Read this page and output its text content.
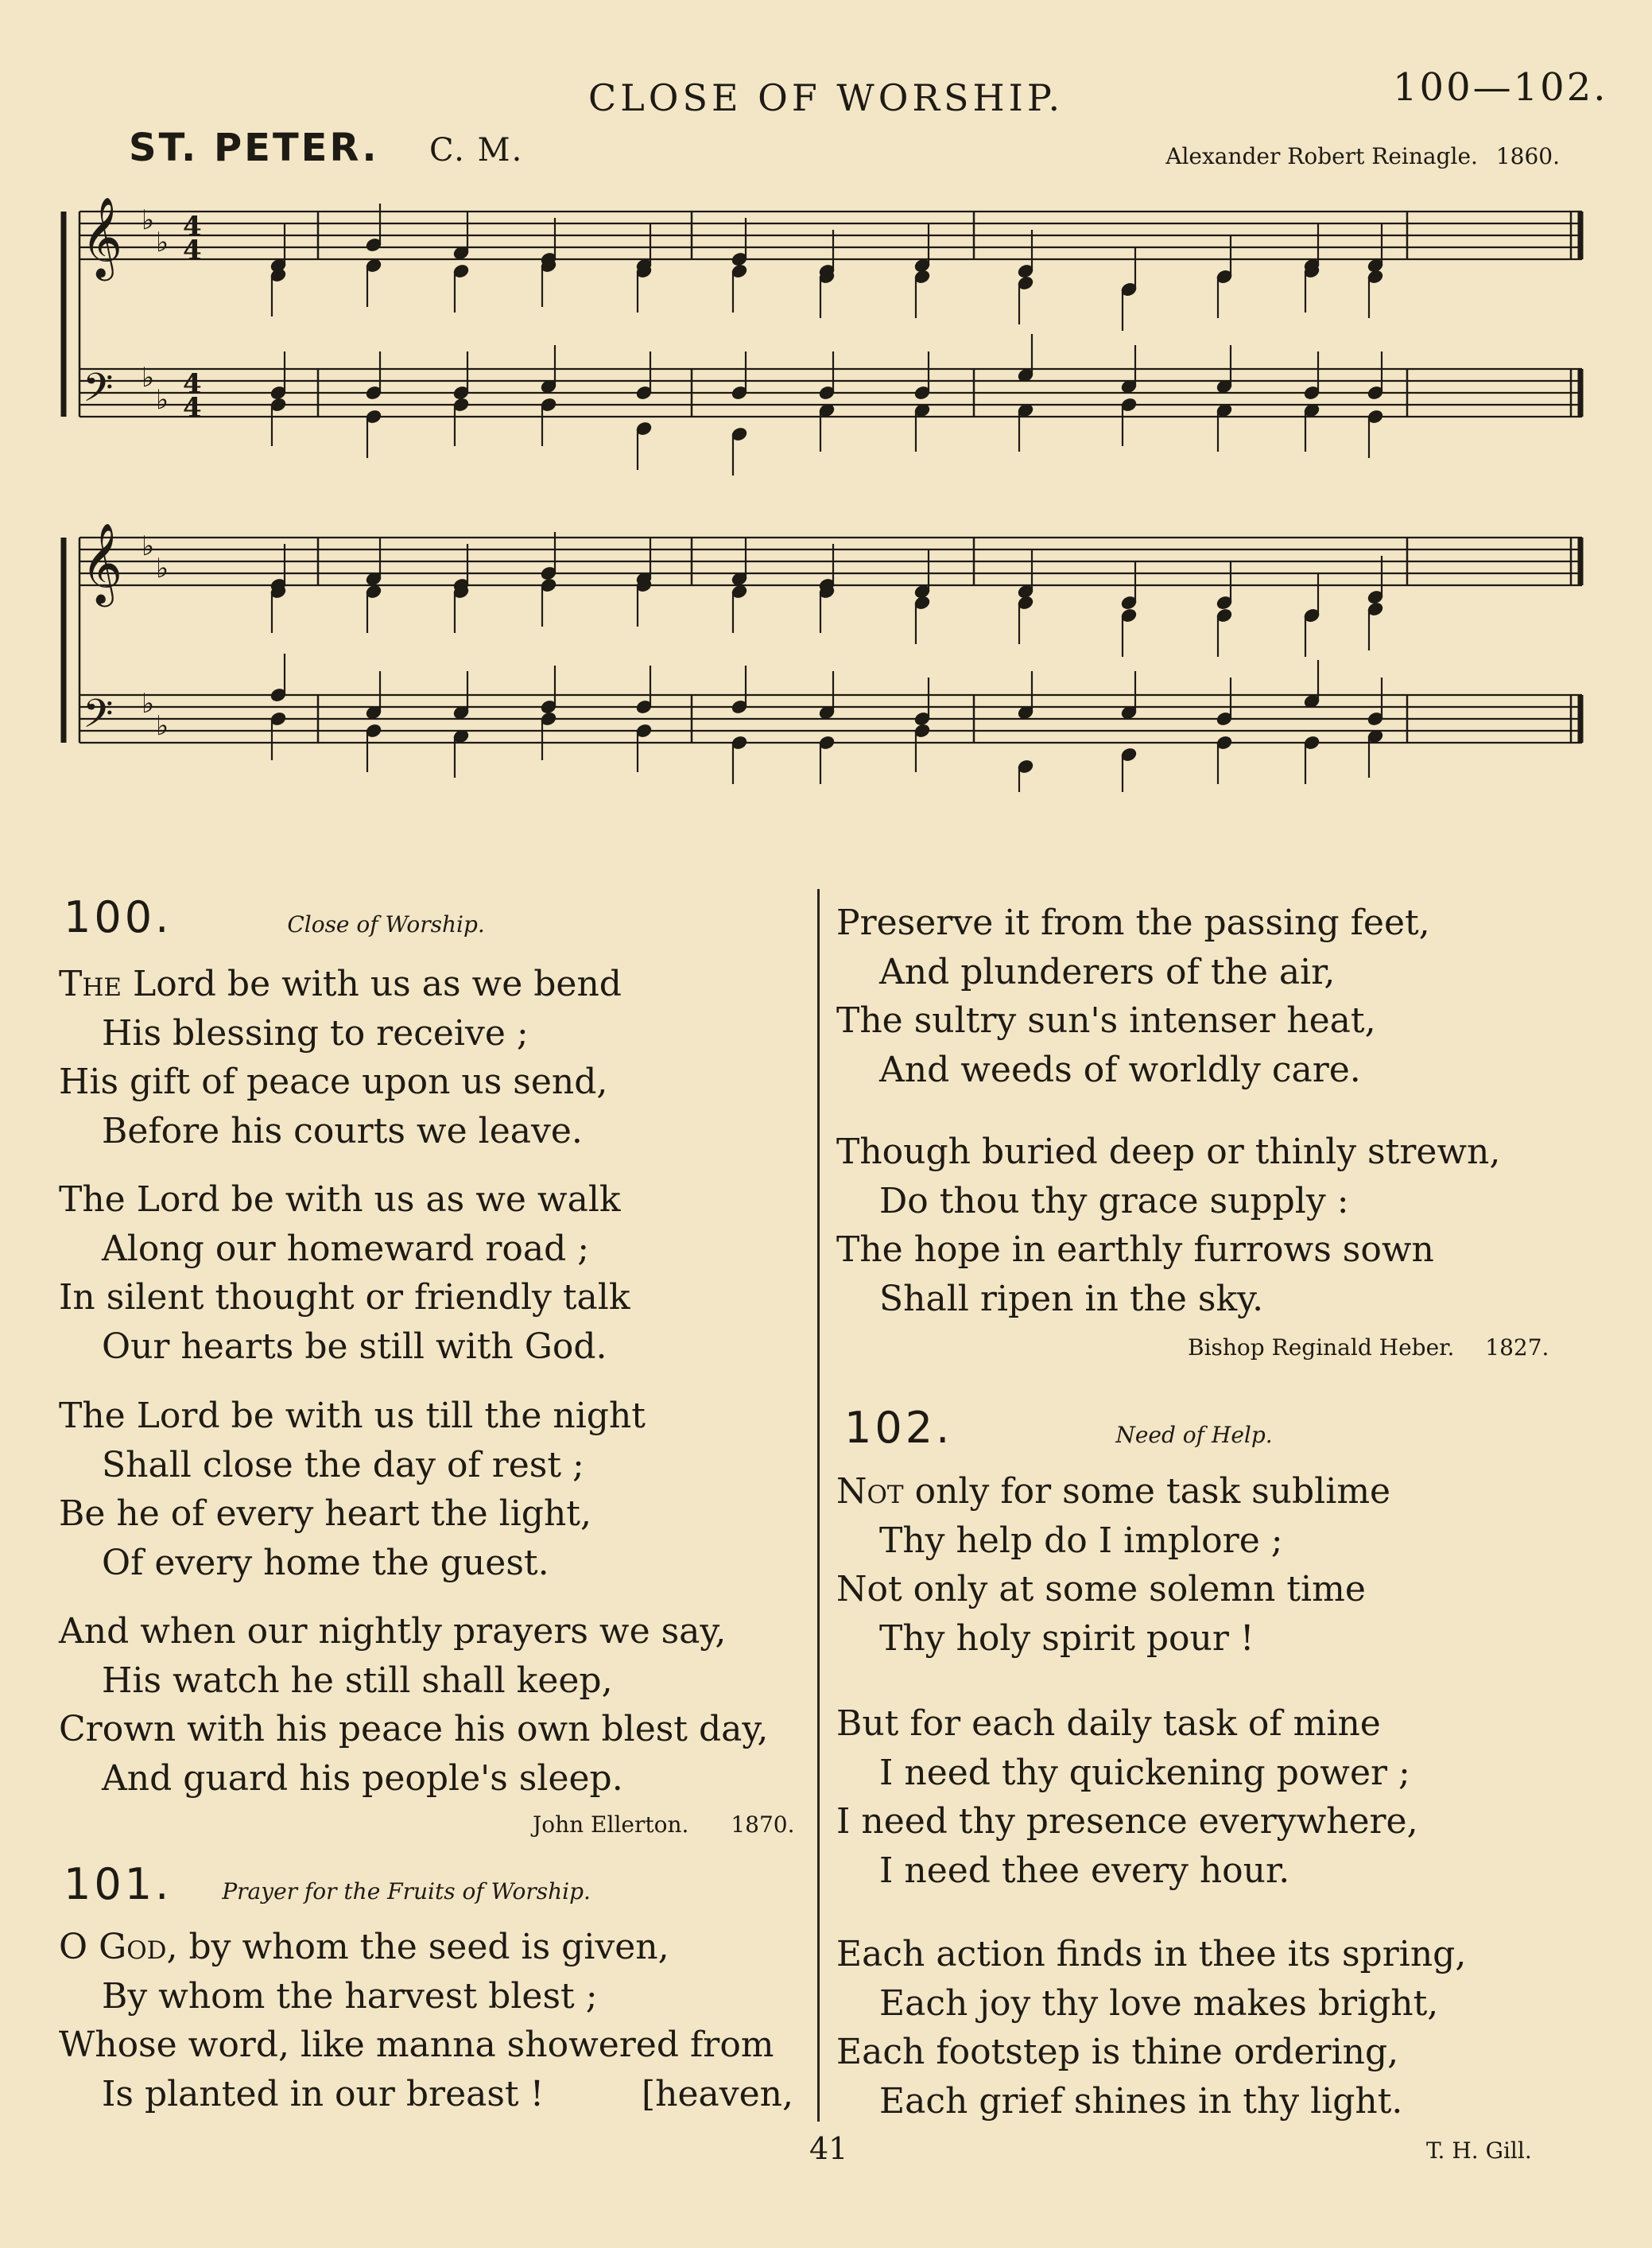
CLOSE OF WORSHIP.	100—102.
ST. PETER. C. M.	Alexander Robert Reinagle. 1860.
𝄞
𝄞
𝄢
𝄢
♭
♭ 4
4
♭
♭ 4
4
♭
♭
♭
♭
100.	Close of Worship.
The Lord be with us as we bend
His blessing to receive ;
His gift of peace upon us send,
Before his courts we leave.
The Lord be with us as we walk
Along our homeward road ;
In silent thought or friendly talk
Our hearts be still with God.
The Lord be with us till the night
Shall close the day of rest ;
Be he of every heart the light,
Of every home the guest.
And when our nightly prayers we say,
His watch he still shall keep,
Crown with his peace his own blest day,
And guard his people's sleep.
John Ellerton. 1870.
101. Prayer for the Fruits of Worship.
O God, by whom the seed is given,
By whom the harvest blest ;
Whose word, like manna showered from
Is planted in our breast !	[heaven,
Preserve it from the passing feet,
And plunderers of the air,
The sultry sun's intenser heat,
And weeds of worldly care.
Though buried deep or thinly strewn,
Do thou thy grace supply :
The hope in earthly furrows sown
Shall ripen in the sky.
Bishop Reginald Heber. 1827.
102.	Need of Help.
Not only for some task sublime
Thy help do I implore ;
Not only at some solemn time
Thy holy spirit pour !
But for each daily task of mine
I need thy quickening power ;
I need thy presence everywhere,
I need thee every hour.
Each action finds in thee its spring,
Each joy thy love makes bright,
Each footstep is thine ordering,
Each grief shines in thy light.
T. H. Gill.
41
